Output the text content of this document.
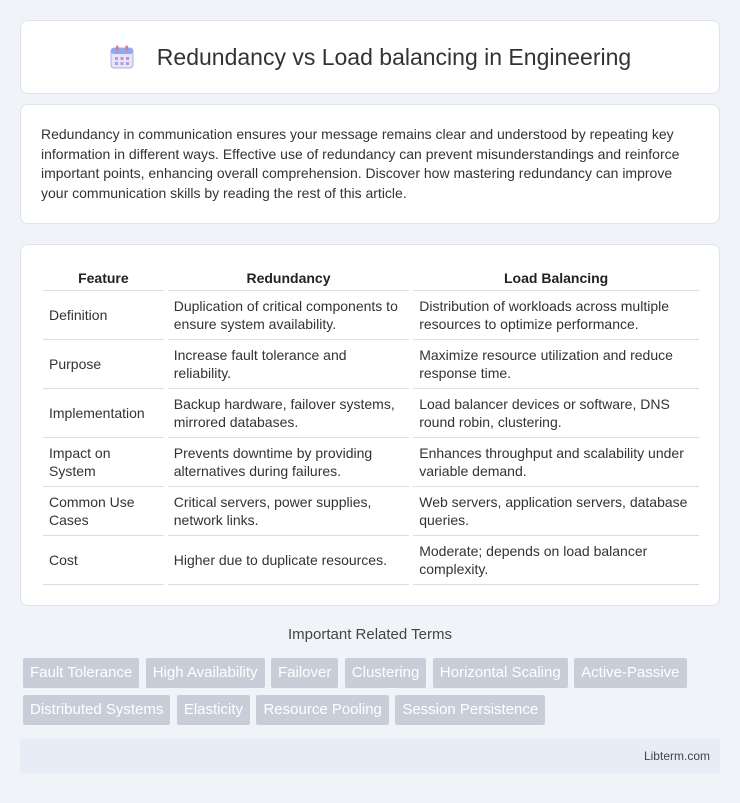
Redundancy vs Load balancing in Engineering

Redundancy in communication ensures your message remains clear and understood by repeating key information in different ways. Effective use of redundancy can prevent misunderstandings and reinforce important points, enhancing overall comprehension. Discover how mastering redundancy can improve your communication skills by reading the rest of this article.

Feature		Redundancy		Load Balancing
Definition		Duplication of critical components to ensure system availability.		Distribution of workloads across multiple resources to optimize performance.
Purpose		Increase fault tolerance and reliability.		Maximize resource utilization and reduce response time.
Implementation		Backup hardware, failover systems, mirrored databases.		Load balancer devices or software, DNS round robin, clustering.
Impact on System		Prevents downtime by providing alternatives during failures.		Enhances throughput and scalability under variable demand.
Common Use Cases		Critical servers, power supplies, network links.		Web servers, application servers, database queries.
Cost		Higher due to duplicate resources.		Moderate; depends on load balancer complexity.
Important Related Terms
Fault Tolerance High Availability Failover Clustering Horizontal Scaling Active-Passive Distributed Systems Elasticity Resource Pooling Session Persistence
Libterm.com
